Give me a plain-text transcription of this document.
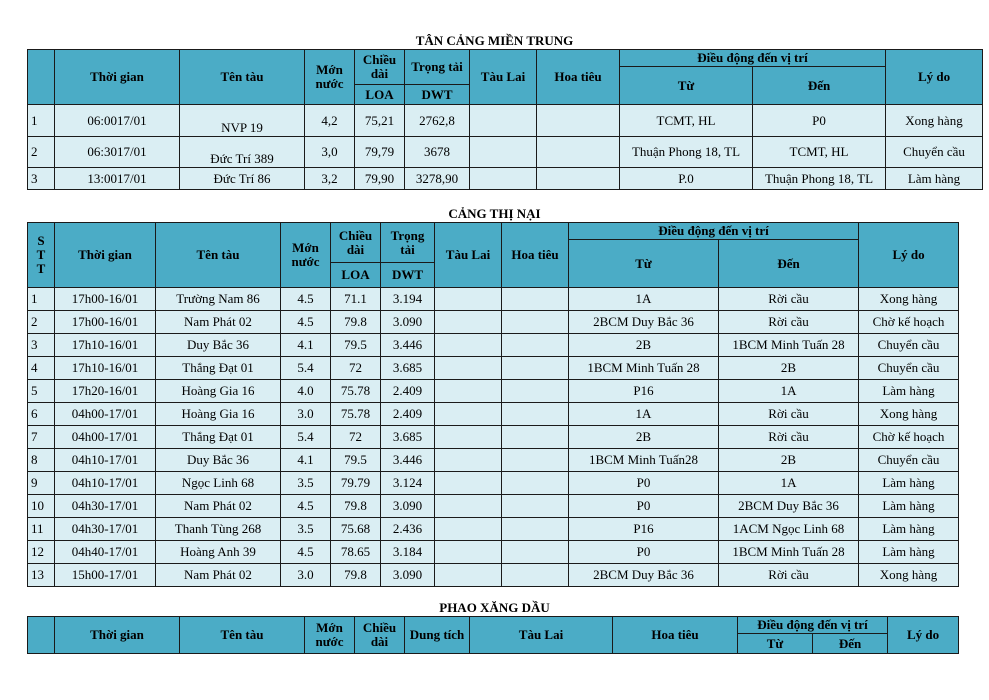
TÂN CẢNG MIỀN TRUNG
	Thời gian	Tên tàu	Mớn nước	Chiều dài	Trọng tải	Tàu Lai	Hoa tiêu	Điều động đến vị trí		Lý do
								Từ	Đến	
				LOA	DWT					
1	06:0017/01	NVP 19	4,2	75,21	2762,8			TCMT, HL	P0	Xong hàng
2	06:3017/01	Đức Trí 389	3,0	79,79	3678			Thuận Phong 18, TL	TCMT, HL	Chuyển cầu
3	13:0017/01	Đức Trí 86	3,2	79,90	3278,90			P.0	Thuận Phong 18, TL	Làm hàng
CẢNG THỊ NẠI
S T T	Thời gian	Tên tàu	Mớn nước	Chiều dài	Trọng tải	Tàu Lai	Hoa tiêu	Điều động đến vị trí		Lý do
								Từ	Đến	
				LOA	DWT					
1	17h00-16/01	Trường Nam 86	4.5	71.1	3.194			1A	Rời cầu	Xong hàng
2	17h00-16/01	Nam Phát 02	4.5	79.8	3.090			2BCM Duy Bắc 36	Rời cầu	Chờ kế hoạch
3	17h10-16/01	Duy Bắc 36	4.1	79.5	3.446			2B	1BCM Minh Tuấn 28	Chuyển cầu
4	17h10-16/01	Thắng Đạt 01	5.4	72	3.685			1BCM Minh Tuấn 28	2B	Chuyển cầu
5	17h20-16/01	Hoàng Gia 16	4.0	75.78	2.409			P16	1A	Làm hàng
6	04h00-17/01	Hoàng Gia 16	3.0	75.78	2.409			1A	Rời cầu	Xong hàng
7	04h00-17/01	Thắng Đạt 01	5.4	72	3.685			2B	Rời cầu	Chờ kế hoạch
8	04h10-17/01	Duy Bắc 36	4.1	79.5	3.446			1BCM Minh Tuấn28	2B	Chuyển cầu
9	04h10-17/01	Ngọc Linh 68	3.5	79.79	3.124			P0	1A	Làm hàng
10	04h30-17/01	Nam Phát 02	4.5	79.8	3.090			P0	2BCM Duy Bắc 36	Làm hàng
11	04h30-17/01	Thanh Tùng 268	3.5	75.68	2.436			P16	1ACM Ngọc Linh 68	Làm hàng
12	04h40-17/01	Hoàng Anh 39	4.5	78.65	3.184			P0	1BCM Minh Tuấn 28	Làm hàng
13	15h00-17/01	Nam Phát 02	3.0	79.8	3.090			2BCM Duy Bắc 36	Rời cầu	Xong hàng
PHAO XĂNG DẦU
	Thời gian	Tên tàu	Mớn nước	Chiều dài	Dung tích	Tàu Lai	Hoa tiêu	Điều động đến vị trí		Lý do
								Từ	Đến	
